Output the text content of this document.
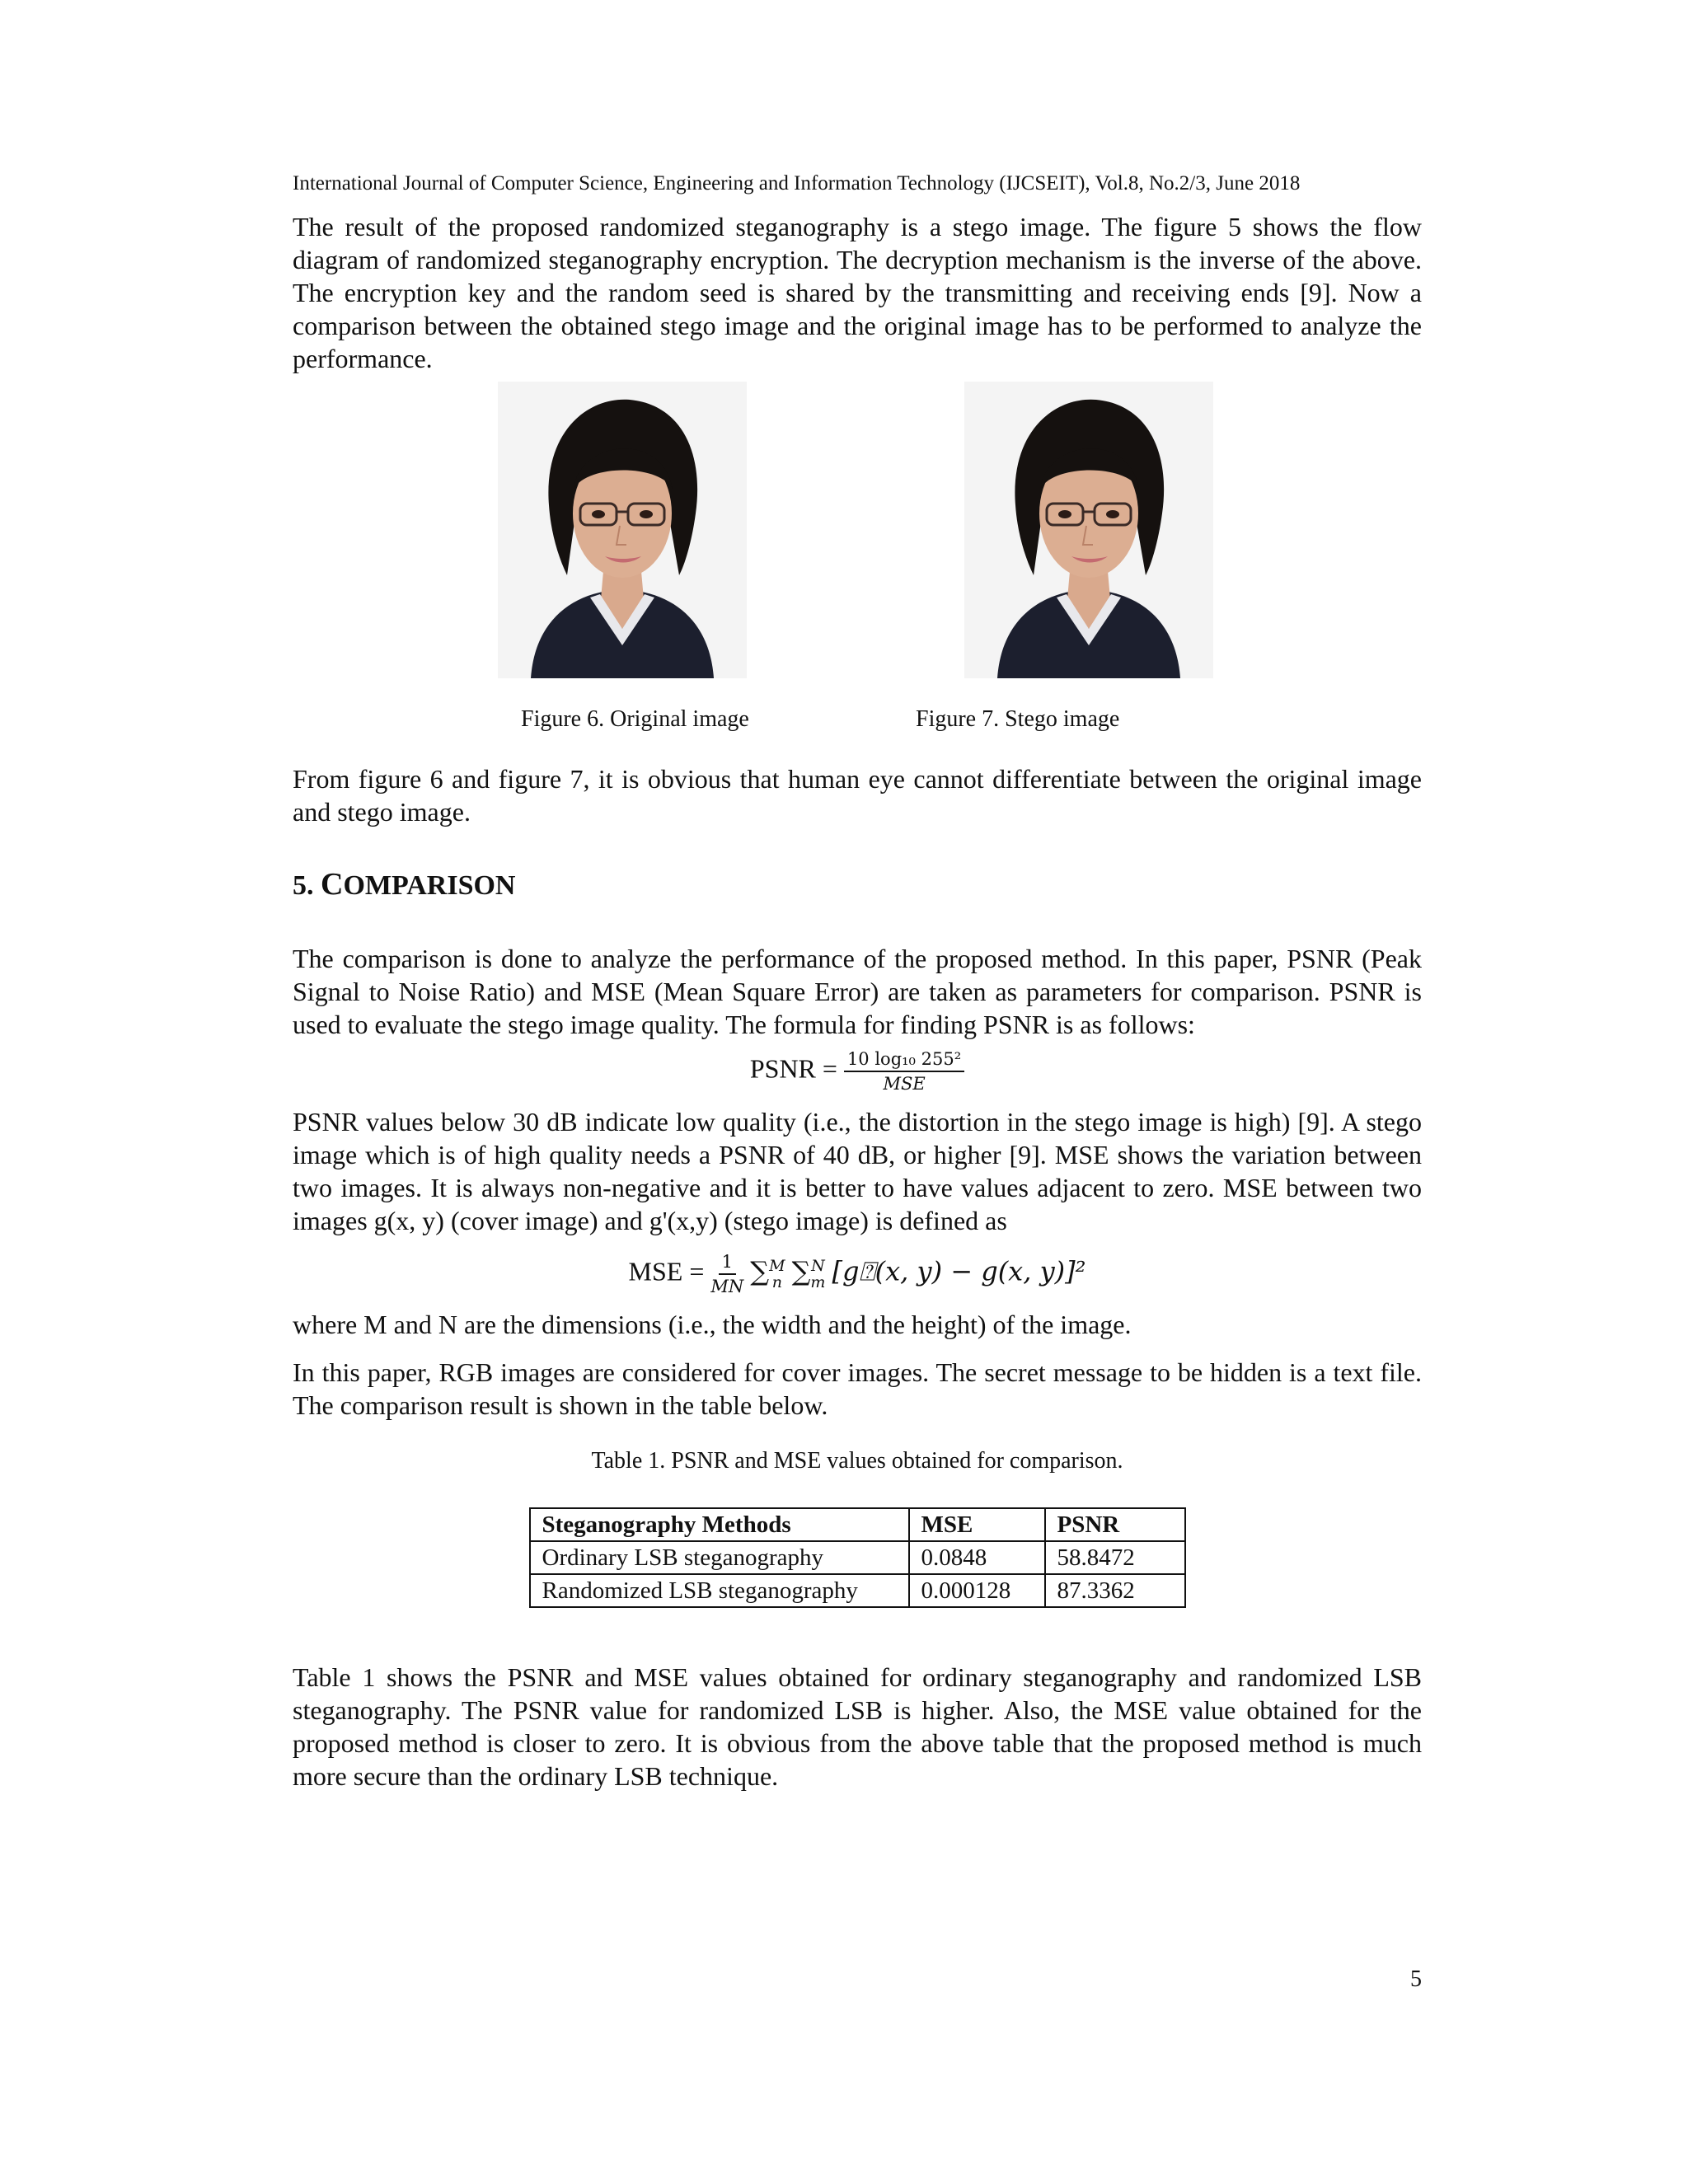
International Journal of Computer Science, Engineering and Information Technology (IJCSEIT), Vol.8, No.2/3, June 2018

The result of the proposed randomized steganography is a stego image. The figure 5 shows the flow diagram of randomized steganography encryption. The decryption mechanism is the inverse of the above. The encryption key and the random seed is shared by the transmitting and receiving ends [9]. Now a comparison between the obtained stego image and the original image has to be performed to analyze the performance.

Figure 6. Original image	Figure 7. Stego image

From figure 6 and figure 7, it is obvious that human eye cannot differentiate between the original image and stego image.

5. COMPARISON

The comparison is done to analyze the performance of the proposed method. In this paper, PSNR (Peak Signal to Noise Ratio) and MSE (Mean Square Error) are taken as parameters for comparison. PSNR is used to evaluate the stego image quality. The formula for finding PSNR is as follows:

PSNR = $\frac{\text{10 log₁₀ 255²}}{\text{MSE}}$

PSNR values below 30 dB indicate low quality (i.e., the distortion in the stego image is high) [9]. A stego image which is of high quality needs a PSNR of 40 dB, or higher [9]. MSE shows the variation between two images. It is always non-negative and it is better to have values adjacent to zero. MSE between two images g(x, y) (cover image) and g'(x,y) (stego image) is defined as

MSE = $\frac{1}{MN}$ ∑ M
n ∑ N
m [g⍰(x, y) − g(x, y)]²

where M and N are the dimensions (i.e., the width and the height) of the image.

In this paper, RGB images are considered for cover images. The secret message to be hidden is a text file. The comparison result is shown in the table below.

Table 1. PSNR and MSE values obtained for comparison.
Steganography Methods	MSE	PSNR
Ordinary LSB steganography	0.0848	58.8472
Randomized LSB steganography	0.000128	87.3362

Table 1 shows the PSNR and MSE values obtained for ordinary steganography and randomized LSB steganography. The PSNR value for randomized LSB is higher. Also, the MSE value obtained for the proposed method is closer to zero. It is obvious from the above table that the proposed method is much more secure than the ordinary LSB technique.

5
